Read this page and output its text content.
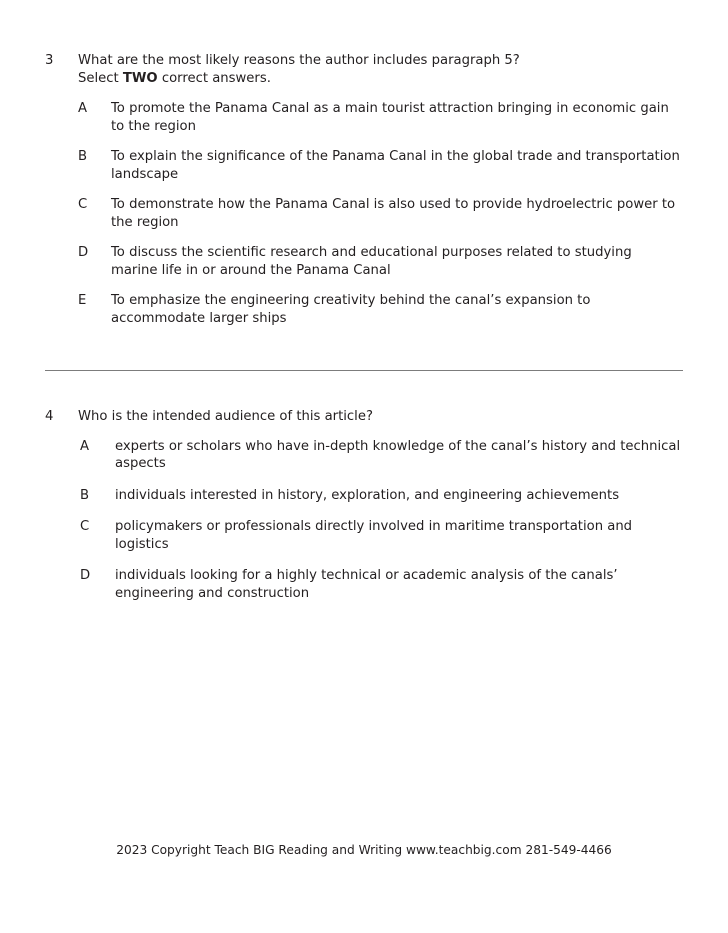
3	What are the most likely reasons the author includes paragraph 5?
Select TWO correct answers.
A	To promote the Panama Canal as a main tourist attraction bringing in economic gain to the region
B	To explain the significance of the Panama Canal in the global trade and transportation landscape
C	To demonstrate how the Panama Canal is also used to provide hydroelectric power to the region
D	To discuss the scientific research and educational purposes related to studying marine life in or around the Panama Canal
E	To emphasize the engineering creativity behind the canal’s expansion to accommodate larger ships
4	Who is the intended audience of this article?
A	experts or scholars who have in-depth knowledge of the canal’s history and technical aspects
B	individuals interested in history, exploration, and engineering achievements
C	policymakers or professionals directly involved in maritime transportation and logistics
D	individuals looking for a highly technical or academic analysis of the canals’ engineering and construction
2023 Copyright Teach BIG Reading and Writing www.teachbig.com 281-549-4466
